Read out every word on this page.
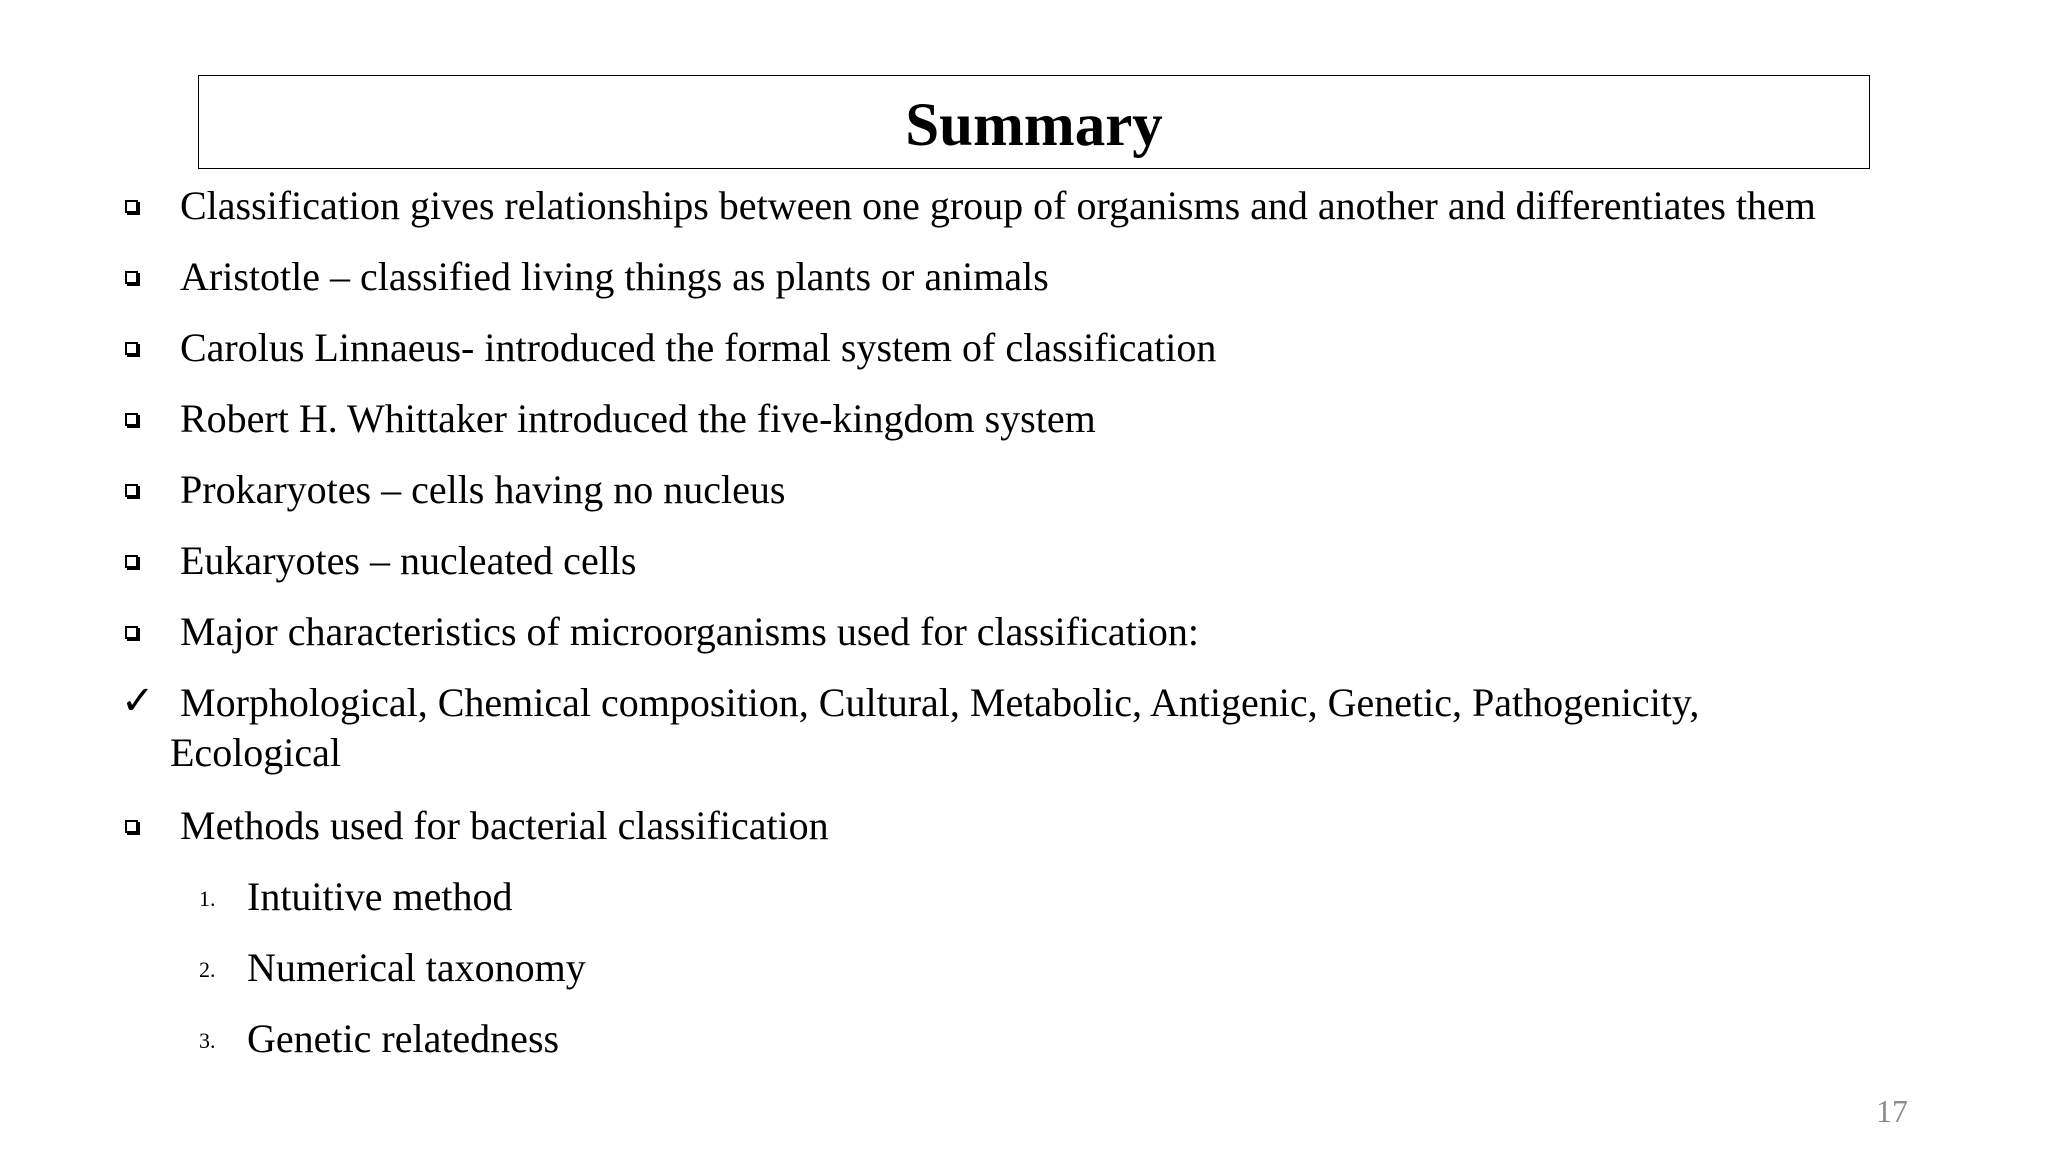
Summary
Classification gives relationships between one group of organisms and another and differentiates them
Aristotle – classified living things as plants or animals
Carolus Linnaeus- introduced the formal system of classification
Robert H. Whittaker introduced the five-kingdom system
Prokaryotes – cells having no nucleus
Eukaryotes – nucleated cells
Major characteristics of microorganisms used for classification:
✓ Morphological, Chemical composition, Cultural, Metabolic, Antigenic, Genetic, Pathogenicity,
Ecological
Methods used for bacterial classification
1. Intuitive method
2. Numerical taxonomy
3. Genetic relatedness
17
